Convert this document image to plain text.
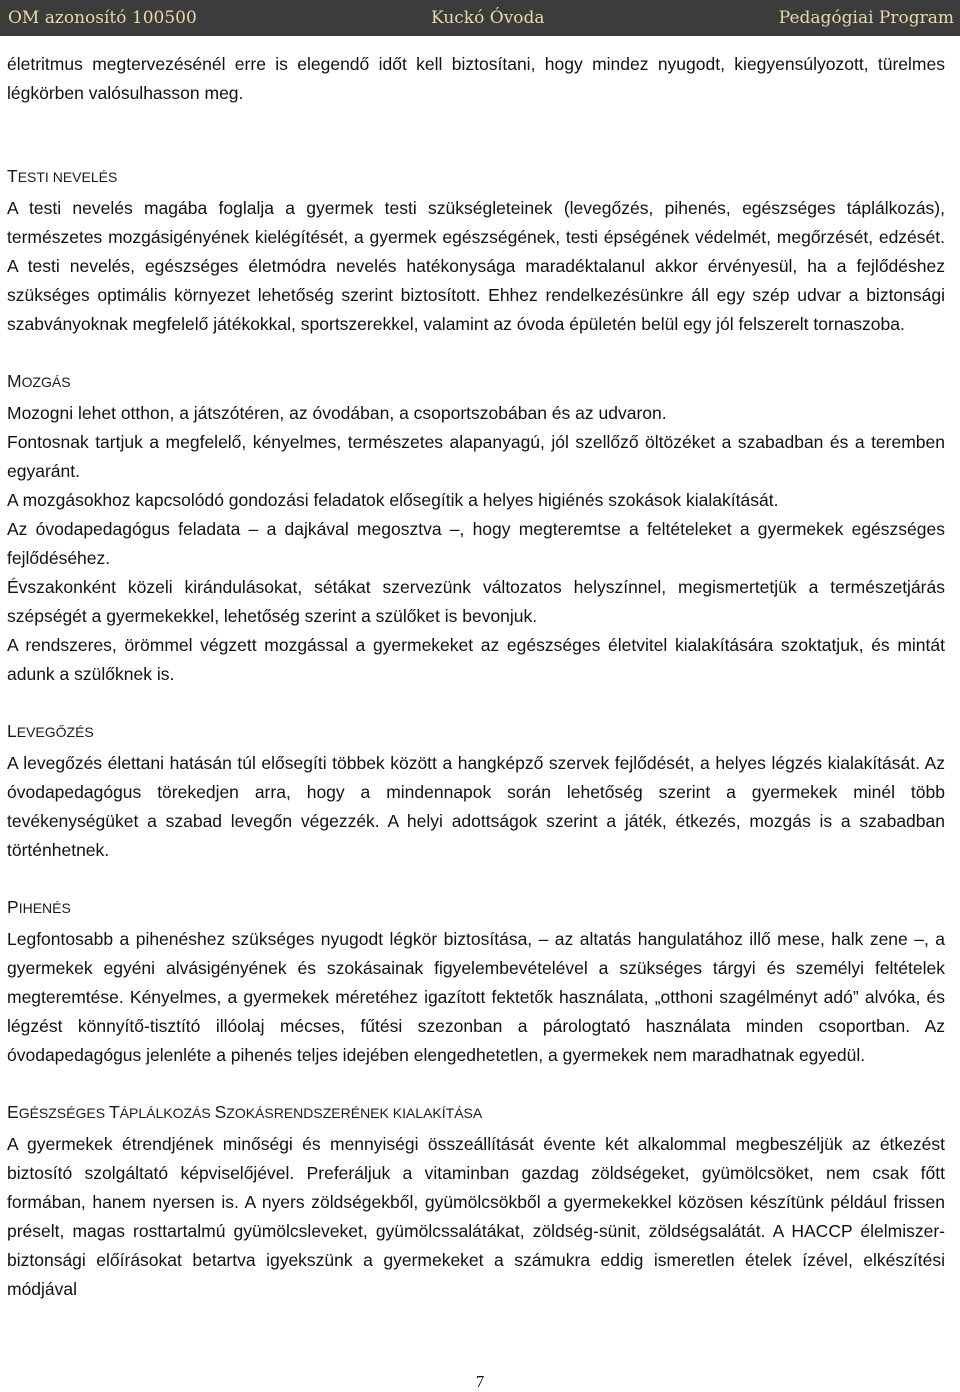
OM azonosító 100500	Kuckó Óvoda	Pedagógiai Program

életritmus megtervezésénél erre is elegendő időt kell biztosítani, hogy mindez nyugodt, kiegyensúlyozott, türelmes légkörben valósulhasson meg.

TESTI NEVELÉS

A testi nevelés magába foglalja a gyermek testi szükségleteinek (levegőzés, pihenés, egészséges táplálkozás), természetes mozgásigényének kielégítését, a gyermek egészségének, testi épségének védelmét, megőrzését, edzését. A testi nevelés, egészséges életmódra nevelés hatékonysága maradéktalanul akkor érvényesül, ha a fejlődéshez szükséges optimális környezet lehetőség szerint biztosított. Ehhez rendelkezésünkre áll egy szép udvar a biztonsági szabványoknak megfelelő játékokkal, sportszerekkel, valamint az óvoda épületén belül egy jól felszerelt tornaszoba.

MOZGÁS

Mozogni lehet otthon, a játszótéren, az óvodában, a csoportszobában és az udvaron.

Fontosnak tartjuk a megfelelő, kényelmes, természetes alapanyagú, jól szellőző öltözéket a szabadban és a teremben egyaránt.

A mozgásokhoz kapcsolódó gondozási feladatok elősegítik a helyes higiénés szokások kialakítását.

Az óvodapedagógus feladata – a dajkával megosztva –, hogy megteremtse a feltételeket a gyermekek egészséges fejlődéséhez.

Évszakonként közeli kirándulásokat, sétákat szervezünk változatos helyszínnel, megismertetjük a természetjárás szépségét a gyermekekkel, lehetőség szerint a szülőket is bevonjuk.

A rendszeres, örömmel végzett mozgással a gyermekeket az egészséges életvitel kialakítására szoktatjuk, és mintát adunk a szülőknek is.

LEVEGŐZÉS

A levegőzés élettani hatásán túl elősegíti többek között a hangképző szervek fejlődését, a helyes légzés kialakítását. Az óvodapedagógus törekedjen arra, hogy a mindennapok során lehetőség szerint a gyermekek minél több tevékenységüket a szabad levegőn végezzék. A helyi adottságok szerint a játék, étkezés, mozgás is a szabadban történhetnek.

PIHENÉS

Legfontosabb a pihenéshez szükséges nyugodt légkör biztosítása, – az altatás hangulatához illő mese, halk zene –, a gyermekek egyéni alvásigényének és szokásainak figyelembevételével a szükséges tárgyi és személyi feltételek megteremtése. Kényelmes, a gyermekek méretéhez igazított fektetők használata, „otthoni szagélményt adó” alvóka, és légzést könnyítő-tisztító illóolaj mécses, fűtési szezonban a párologtató használata minden csoportban. Az óvodapedagógus jelenléte a pihenés teljes idejében elengedhetetlen, a gyermekek nem maradhatnak egyedül.

EGÉSZSÉGES TÁPLÁLKOZÁS SZOKÁSRENDSZERÉNEK KIALAKÍTÁSA

A gyermekek étrendjének minőségi és mennyiségi összeállítását évente két alkalommal megbeszéljük az étkezést biztosító szolgáltató képviselőjével. Preferáljuk a vitaminban gazdag zöldségeket, gyümölcsöket, nem csak főtt formában, hanem nyersen is. A nyers zöldségekből, gyümölcsökből a gyermekekkel közösen készítünk például frissen préselt, magas rosttartalmú gyümölcsleveket, gyümölcssalátákat, zöldség-sünit, zöldségsalátát. A HACCP élelmiszer-biztonsági előírásokat betartva igyekszünk a gyermekeket a számukra eddig ismeretlen ételek ízével, elkészítési módjával

7
